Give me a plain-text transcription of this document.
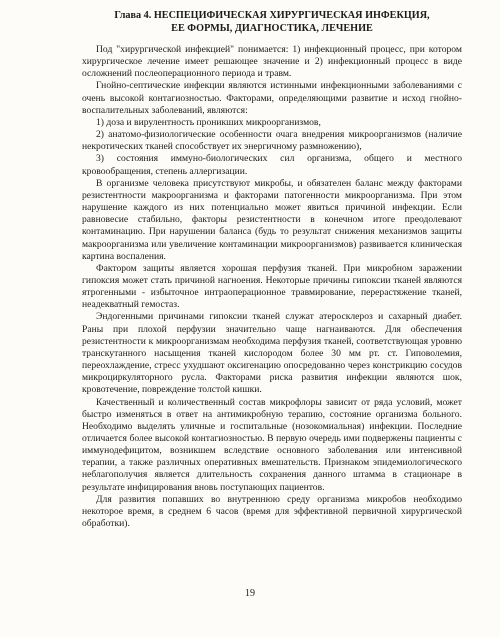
Глава 4. НЕСПЕЦИФИЧЕСКАЯ ХИРУРГИЧЕСКАЯ ИНФЕКЦИЯ,
ЕЕ ФОРМЫ, ДИАГНОСТИКА, ЛЕЧЕНИЕ

Под "хирургической инфекцией" понимается: 1) инфекционный процесс, при котором хирургическое лечение имеет решающее значение и 2) инфекционный процесс в виде осложнений послеоперационного периода и травм.

Гнойно-септические инфекции являются истинными инфекционными заболеваниями с очень высокой контагиозностью. Факторами, определяющими развитие и исход гнойно-воспалительных заболеваний, являются:

1) доза и вирулентность проникших микроорганизмов,

2) анатомо-физиологические особенности очага внедрения микроорганизмов (наличие некротических тканей способствует их энергичному размножению),

3) состояния иммуно-биологических сил организма, общего и местного кровообращения, степень аллергизации.

В организме человека присутствуют микробы, и обязателен баланс между факторами резистентности макроорганизма и факторами патогенности микроорганизма. При этом нарушение каждого из них потенциально может явиться причиной инфекции. Если равновесие стабильно, факторы резистентности в конечном итоге преодолевают контаминацию. При нарушении баланса (будь то результат снижения механизмов защиты макроорганизма или увеличение контаминации микроорганизмов) развивается клиническая картина воспаления.

Фактором защиты является хорошая перфузия тканей. При микробном заражении гипоксия может стать причиной нагноения. Некоторые причины гипоксии тканей являются ятрогенными - избыточное интраоперационное травмирование, перерастяжение тканей, неадекватный гемостаз.

Эндогенными причинами гипоксии тканей служат атеросклероз и сахарный диабет. Раны при плохой перфузии значительно чаще нагнаиваются. Для обеспечения резистентности к микроорганизмам необходима перфузия тканей, соответствующая уровню транскутанного насыщения тканей кислородом более 30 мм рт. ст. Гиповолемия, переохлаждение, стресс ухудшают оксигенацию опосредованно через констрикцию сосудов микроциркуляторного русла. Факторами риска развития инфекции являются шок, кровотечение, повреждение толстой кишки.

Качественный и количественный состав микрофлоры зависит от ряда условий, может быстро изменяться в ответ на антимикробную терапию, состояние организма больного. Необходимо выделять уличные и госпитальные (нозокомиальная) инфекции. Последние отличается более высокой контагиозностью. В первую очередь ими подвержены пациенты с иммунодефицитом, возникшем вследствие основного заболевания или интенсивной терапии, а также различных оперативных вмешательств. Признаком эпидемиологического неблагополучия является длительность сохранения данного штамма в стационаре в результате инфицирования вновь поступающих пациентов.

Для развития попавших во внутреннюю среду организма микробов необходимо некоторое время, в среднем 6 часов (время для эффективной первичной хирургической обработки).

19
